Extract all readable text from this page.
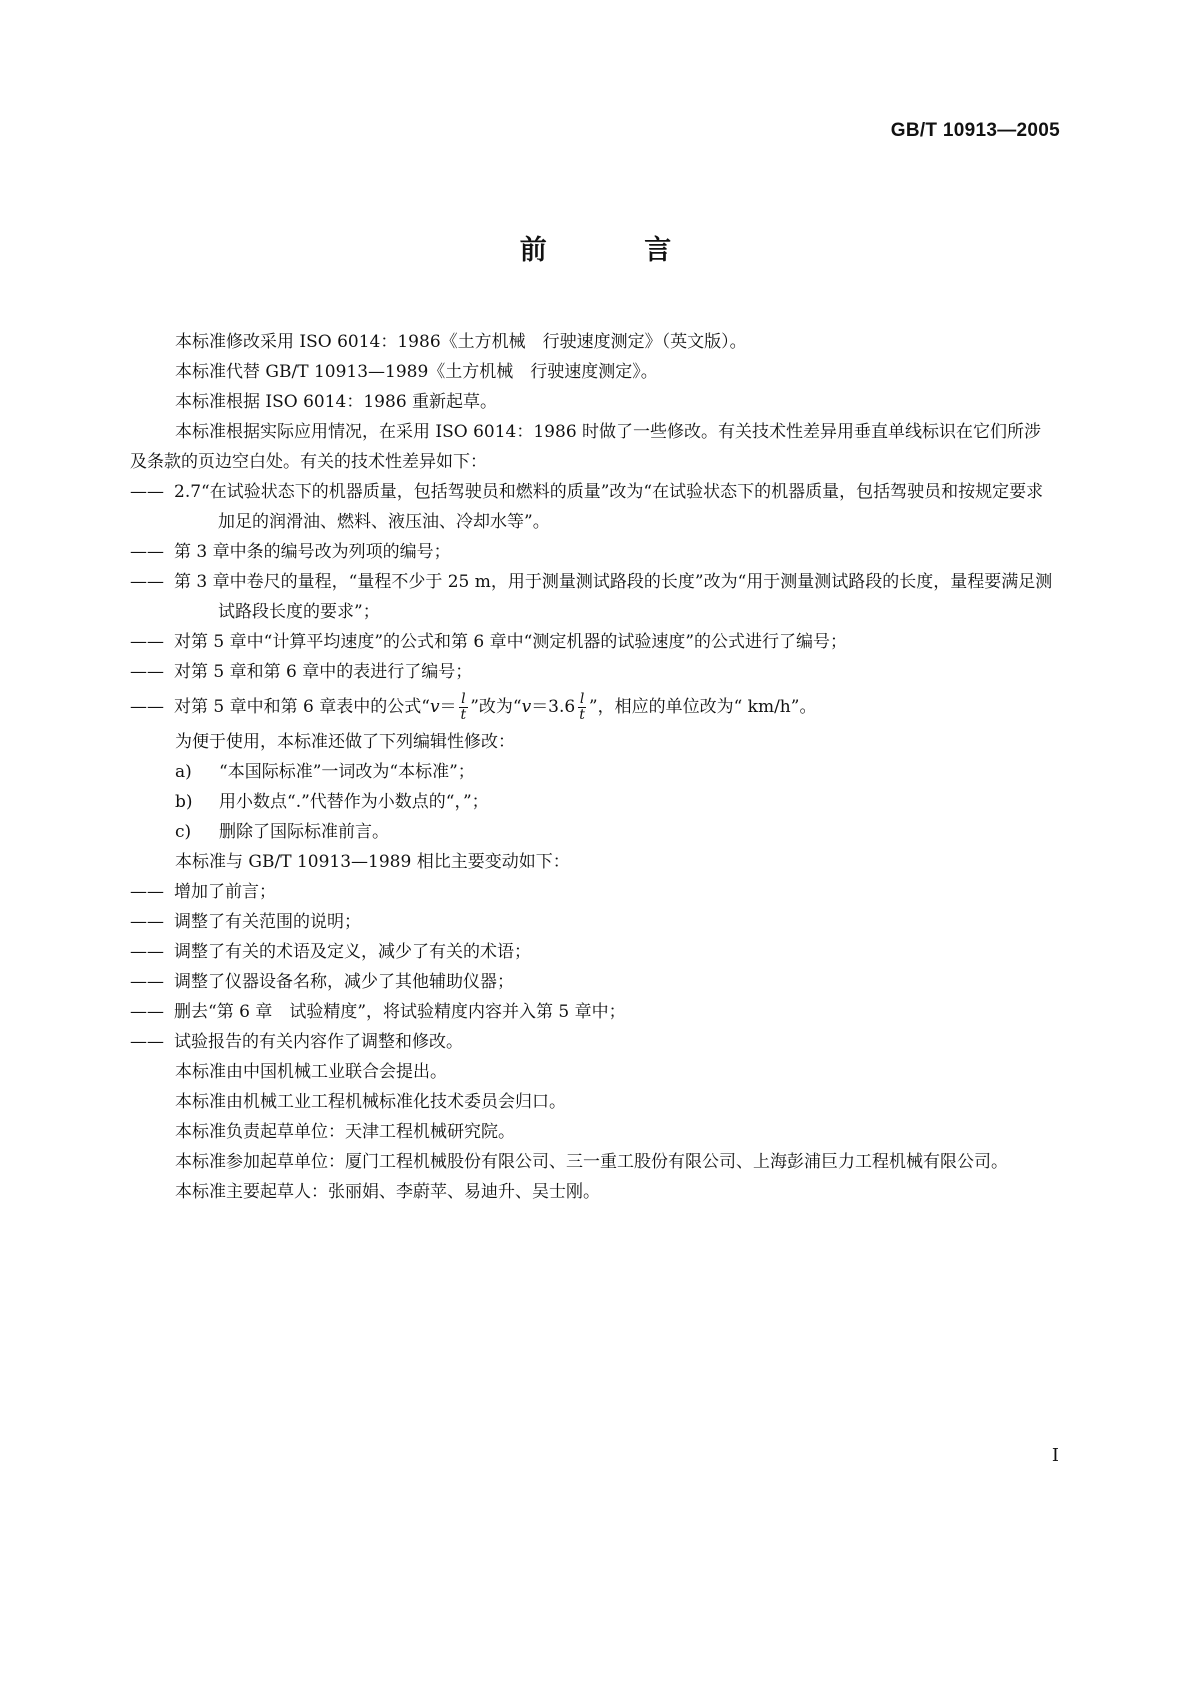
GB/T 10913—2005
前 言

本标准修改采用 ISO 6014：1986《土方机械　行驶速度测定》（英文版）。

本标准代替 GB/T 10913—1989《土方机械　行驶速度测定》。

本标准根据 ISO 6014：1986 重新起草。

本标准根据实际应用情况，在采用 ISO 6014：1986 时做了一些修改。有关技术性差异用垂直单线标识在它们所涉及条款的页边空白处。有关的技术性差异如下：

—— 2.7“在试验状态下的机器质量，包括驾驶员和燃料的质量”改为“在试验状态下的机器质量，包括驾驶员和按规定要求加足的润滑油、燃料、液压油、冷却水等”。

—— 第 3 章中条的编号改为列项的编号；

—— 第 3 章中卷尺的量程，“量程不少于 25 m，用于测量测试路段的长度”改为“用于测量测试路段的长度，量程要满足测试路段长度的要求”；

—— 对第 5 章中“计算平均速度”的公式和第 6 章中“测定机器的试验速度”的公式进行了编号；

—— 对第 5 章和第 6 章中的表进行了编号；

—— 对第 5 章中和第 6 章表中的公式“$v= \frac{l}{t}$ ”改为“$v=3.6 \frac{l}{t}$ ”，相应的单位改为“ km/h”。

为便于使用，本标准还做了下列编辑性修改：

a) “本国际标准”一词改为“本标准”；

b) 用小数点“.”代替作为小数点的“，”；

c) 删除了国际标准前言。

本标准与 GB/T 10913—1989 相比主要变动如下：

—— 增加了前言；

—— 调整了有关范围的说明；

—— 调整了有关的术语及定义，减少了有关的术语；

—— 调整了仪器设备名称，减少了其他辅助仪器；

—— 删去“第 6 章　试验精度”，将试验精度内容并入第 5 章中；

—— 试验报告的有关内容作了调整和修改。

本标准由中国机械工业联合会提出。

本标准由机械工业工程机械标准化技术委员会归口。

本标准负责起草单位：天津工程机械研究院。

本标准参加起草单位：厦门工程机械股份有限公司、三一重工股份有限公司、上海彭浦巨力工程机械有限公司。

本标准主要起草人：张丽娟、李蔚苹、易迪升、吴士刚。

I
